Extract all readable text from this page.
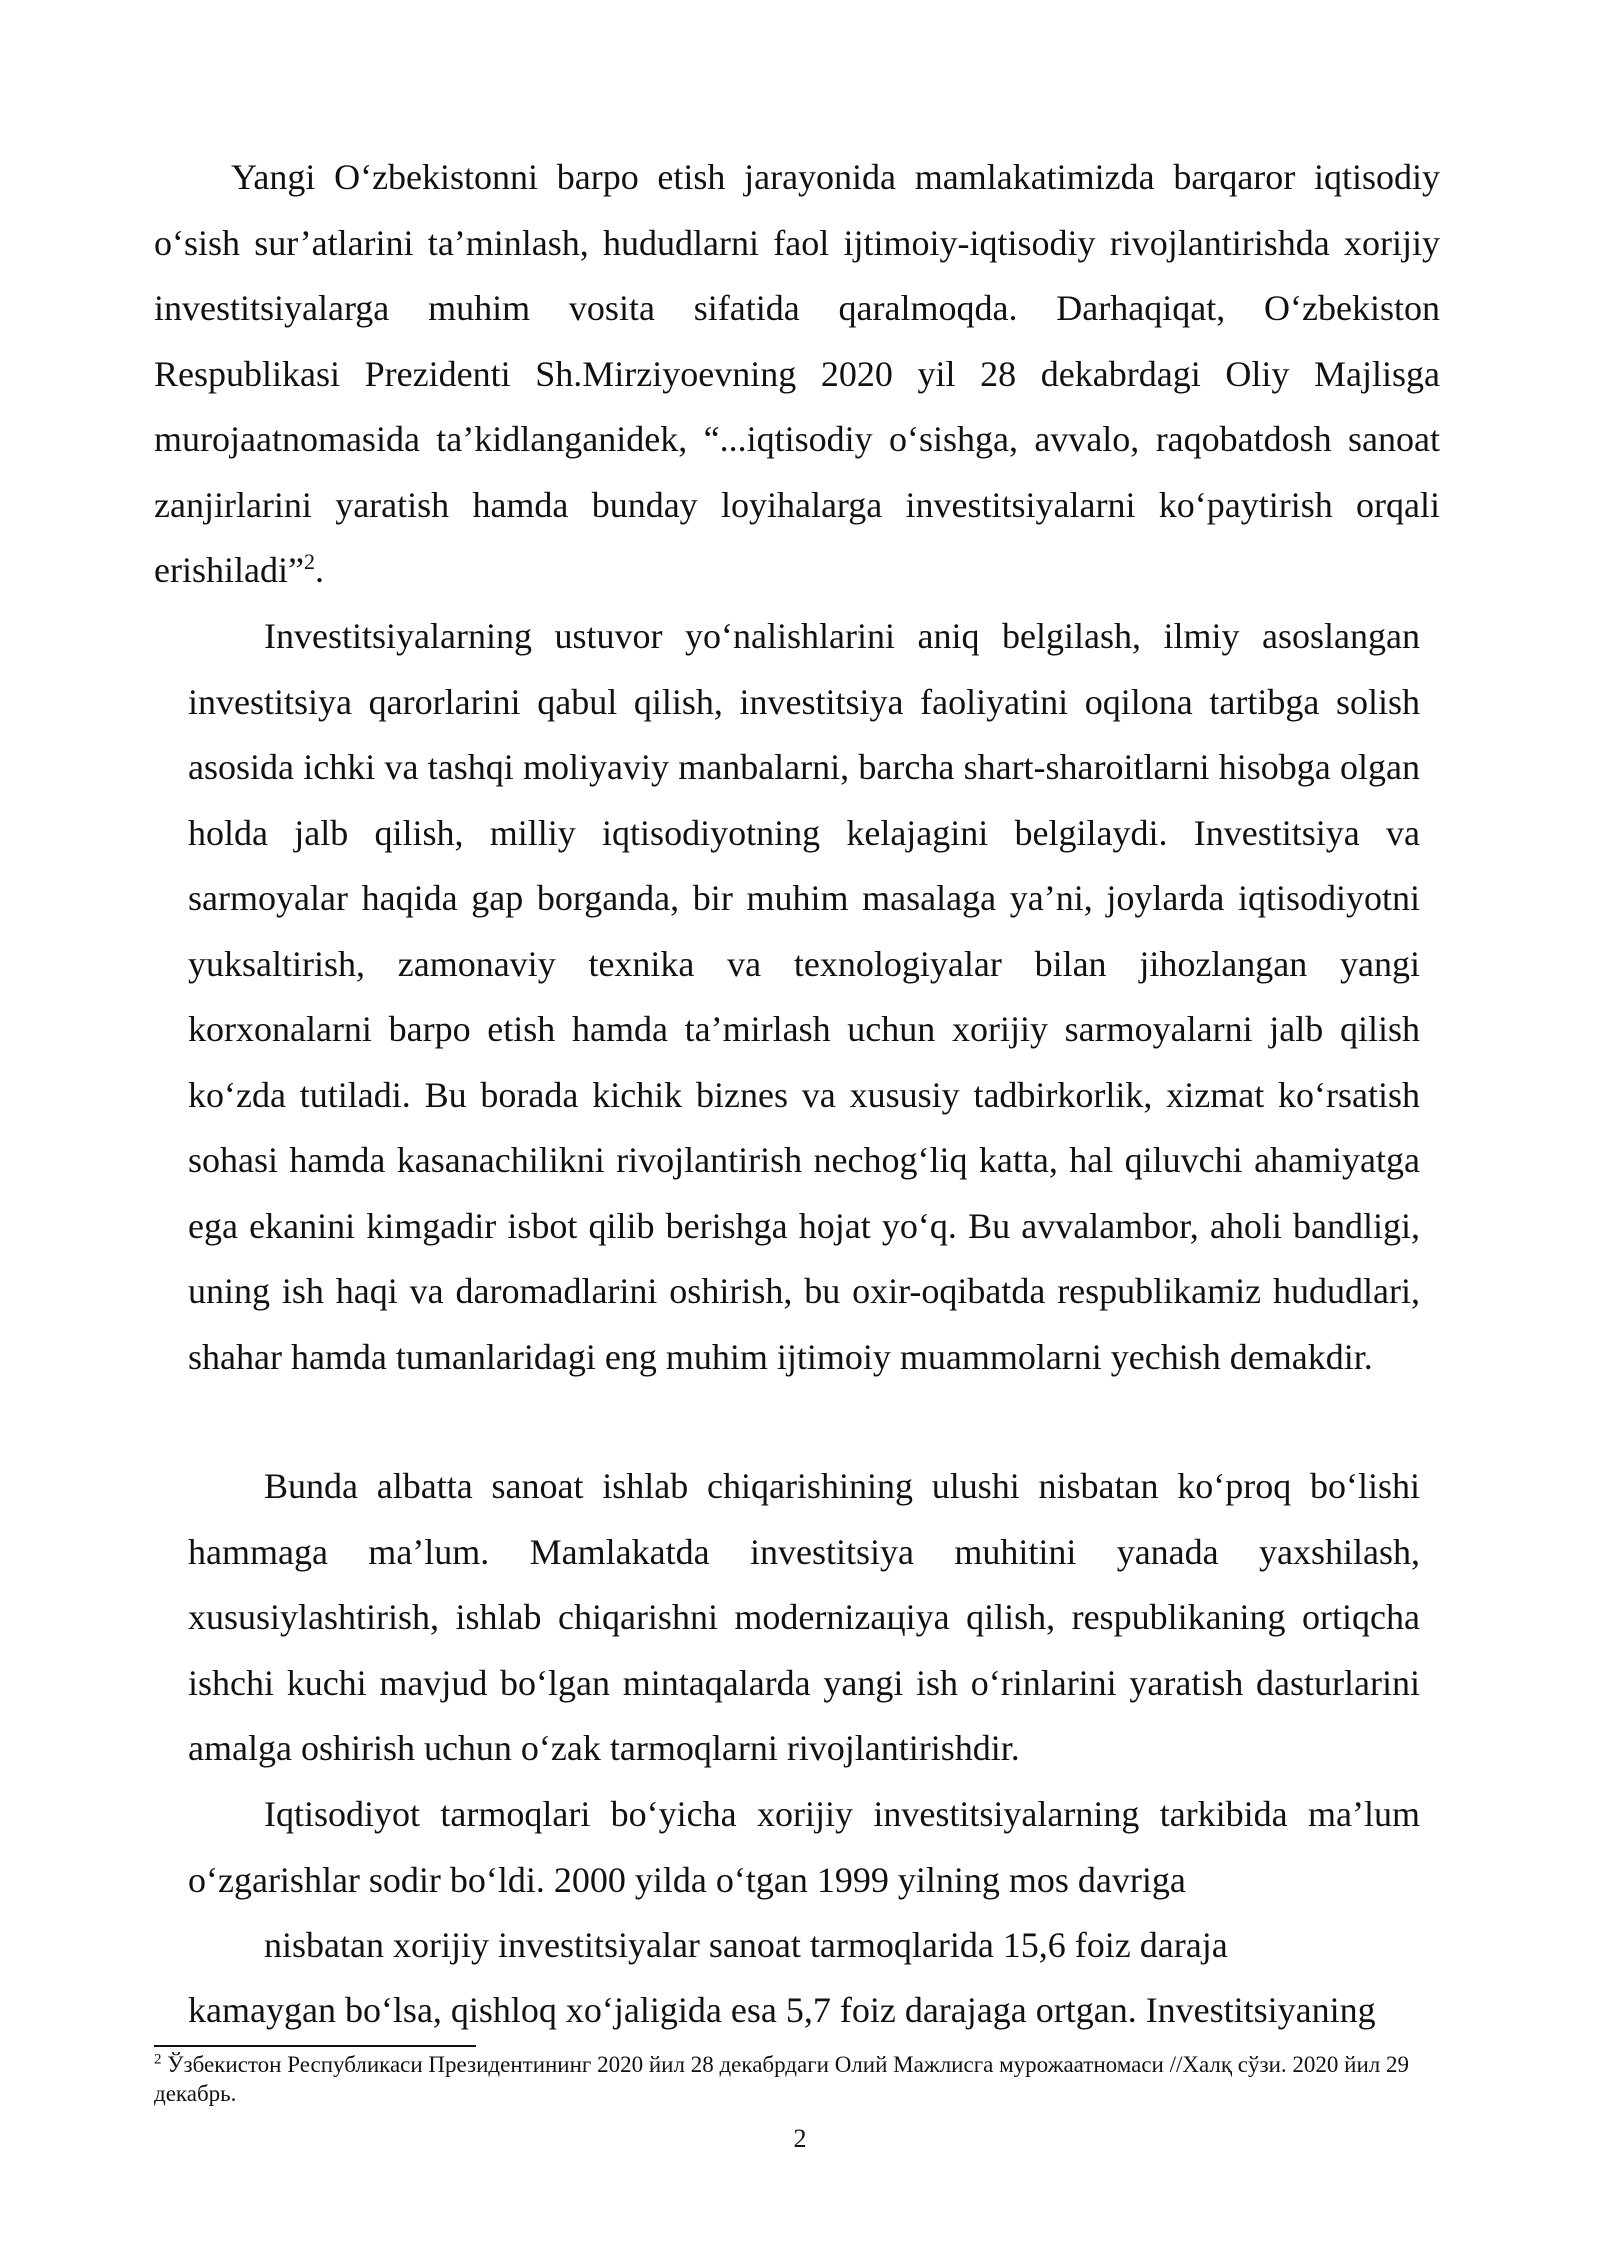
Yangi O‘zbekistonni barpo etish jarayonida mamlakatimizda barqaror iqtisodiy o‘sish sur’atlarini ta’minlash, hududlarni faol ijtimoiy-iqtisodiy rivojlantirishda xorijiy investitsiyalarga muhim vosita sifatida qaralmoqda. Darhaqiqat, O‘zbekiston Respublikasi Prezidenti Sh.Mirziyoevning 2020 yil 28 dekabrdagi Oliy Majlisga murojaatnomasida ta’kidlanganidek, “...iqtisodiy o‘sishga, avvalo, raqobatdosh sanoat zanjirlarini yaratish hamda bunday loyihalarga investitsiyalarni ko‘paytirish orqali erishiladi”$^2$.

Investitsiyalarning ustuvor yo‘nalishlarini aniq belgilash, ilmiy asoslangan investitsiya qarorlarini qabul qilish, investitsiya faoliyatini oqilona tartibga solish asosida ichki va tashqi moliyaviy manbalarni, barcha shart-sharoitlarni hisobga olgan holda jalb qilish, milliy iqtisodiyotning kelajagini belgilaydi. Investitsiya va sarmoyalar haqida gap borganda, bir muhim masalaga ya’ni, joylarda iqtisodiyotni yuksaltirish, zamonaviy texnika va texnologiyalar bilan jihozlangan yangi korxonalarni barpo etish hamda ta’mirlash uchun xorijiy sarmoyalarni jalb qilish ko‘zda tutiladi. Bu borada kichik biznes va xususiy tadbirkorlik, xizmat ko‘rsatish sohasi hamda kasanachilikni rivojlantirish nechog‘liq katta, hal qiluvchi ahamiyatga ega ekanini kimgadir isbot qilib berishga hojat yo‘q. Bu avvalambor, aholi bandligi, uning ish haqi va daromadlarini oshirish, bu oxir-oqibatda respublikamiz hududlari, shahar hamda tumanlaridagi eng muhim ijtimoiy muammolarni yechish demakdir.

Bunda albatta sanoat ishlab chiqarishining ulushi nisbatan ko‘proq bo‘lishi hammaga ma’lum. Mamlakatda investitsiya muhitini yanada yaxshilash, xususiylashtirish, ishlab chiqarishni modernizaцiya qilish, respublikaning ortiqcha ishchi kuchi mavjud bo‘lgan mintaqalarda yangi ish o‘rinlarini yaratish dasturlarini amalga oshirish uchun o‘zak tarmoqlarni rivojlantirishdir.

Iqtisodiyot tarmoqlari bo‘yicha xorijiy investitsiyalarning tarkibida ma’lum o‘zgarishlar sodir bo‘ldi. 2000 yilda o‘tgan 1999 yilning mos davriga

nisbatan xorijiy investitsiyalar sanoat tarmoqlarida 15,6 foiz daraja

kamaygan bo‘lsa, qishloq xo‘jaligida esa 5,7 foiz darajaga ortgan. Investitsiyaning

$^2$ Ўзбекистон Республикаси Президентининг 2020 йил 28 декабрдаги Олий Мажлисга мурожаатномаси //Халқ сўзи. 2020 йил 29 декабрь.

2
